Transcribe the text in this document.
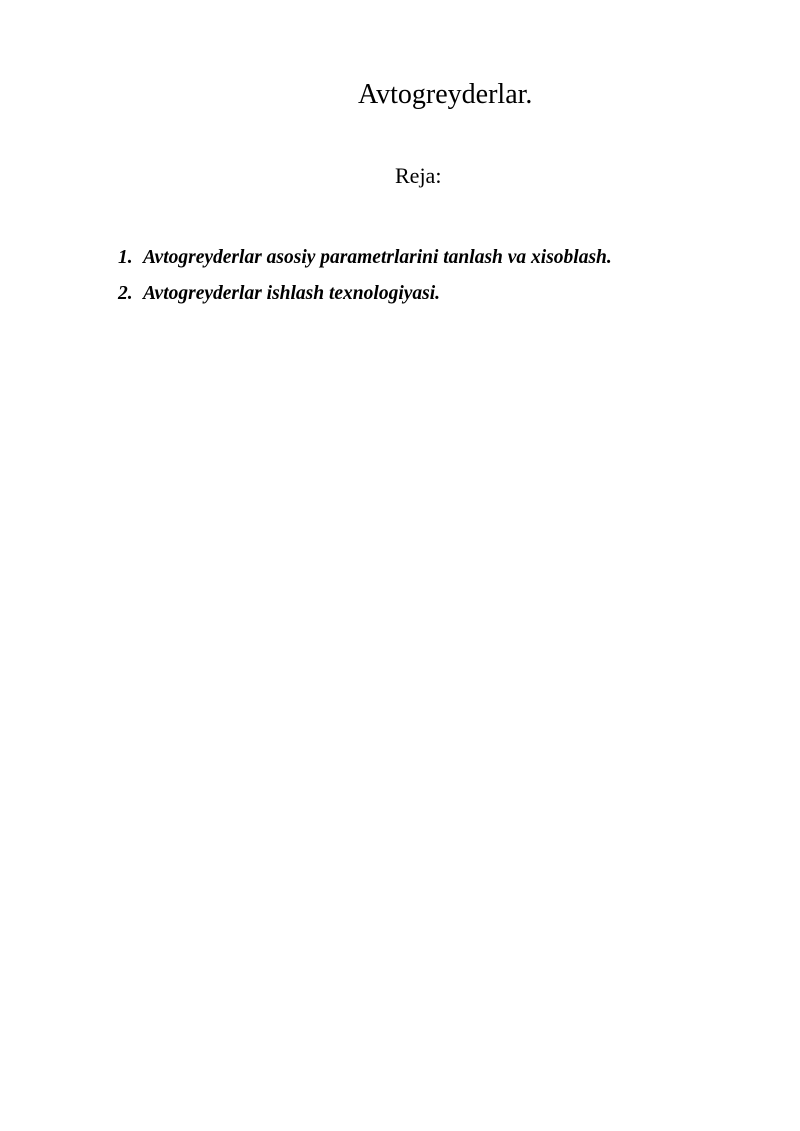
Avtogreyderlar.
Reja:
1. Avtogreyderlar asosiy parametrlarini tanlash va xisoblash.
2. Avtogreyderlar ishlash texnologiyasi.
